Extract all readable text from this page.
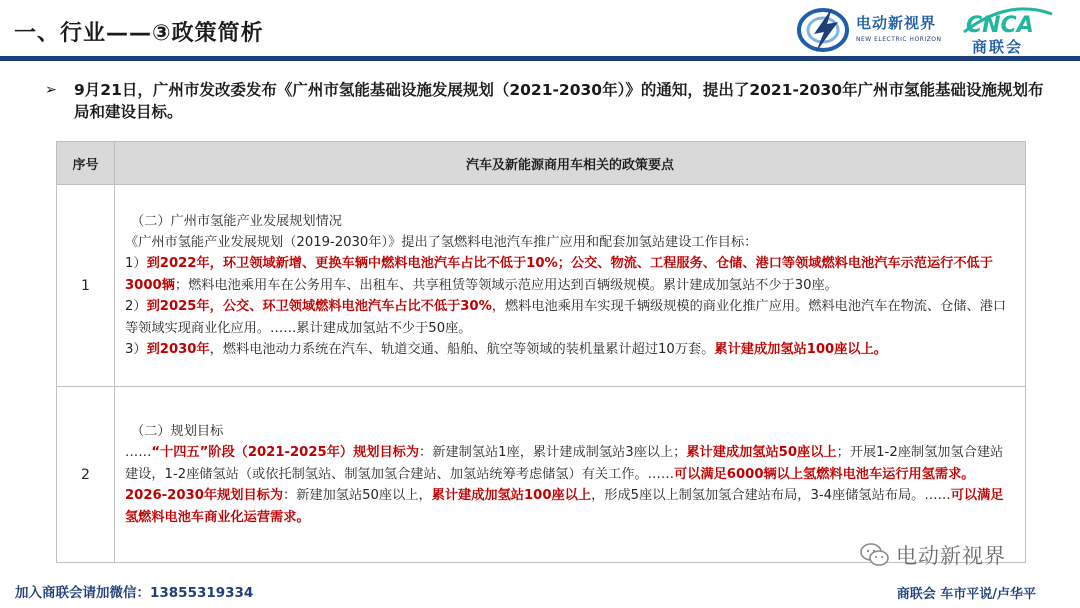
一、行业——③政策简析	电动新视界
NEW ELECTRIC HORIZON
CNCA
商联会
➢	9月21日，广州市发改委发布《广州市氢能基础设施发展规划（2021-2030年）》的通知，提出了2021-2030年广州市氢能基础设施规划布局和建设目标。
序号	汽车及新能源商用车相关的政策要点
1	（二）广州市氢能产业发展规划情况
《广州市氢能产业发展规划（2019-2030年）》提出了氢燃料电池汽车推广应用和配套加氢站建设工作目标：
1）到2022年，环卫领域新增、更换车辆中燃料电池汽车占比不低于10%；公交、物流、工程服务、仓储、港口等领域燃料电池汽车示范运行不低于3000辆；燃料电池乘用车在公务用车、出租车、共享租赁等领域示范应用达到百辆级规模。累计建成加氢站不少于30座。
2）到2025年，公交、环卫领域燃料电池汽车占比不低于30%，燃料电池乘用车实现千辆级规模的商业化推广应用。燃料电池汽车在物流、仓储、港口等领域实现商业化应用。……累计建成加氢站不少于50座。
3）到2030年，燃料电池动力系统在汽车、轨道交通、船舶、航空等领域的装机量累计超过10万套。累计建成加氢站100座以上。

2	（二）规划目标
……“十四五”阶段（2021-2025年）规划目标为：新建制氢站1座，累计建成制氢站3座以上；累计建成加氢站50座以上；开展1-2座制氢加氢合建站建设，1-2座储氢站（或依托制氢站、制氢加氢合建站、加氢站统筹考虑储氢）有关工作。……可以满足6000辆以上氢燃料电池车运行用氢需求。
2026-2030年规划目标为：新建加氢站50座以上，累计建成加氢站100座以上，形成5座以上制氢加氢合建站布局，3-4座储氢站布局。……可以满足氢燃料电池车商业化运营需求。
电动新视界
加入商联会请加微信：13855319334	商联会 车市平说/卢华平
